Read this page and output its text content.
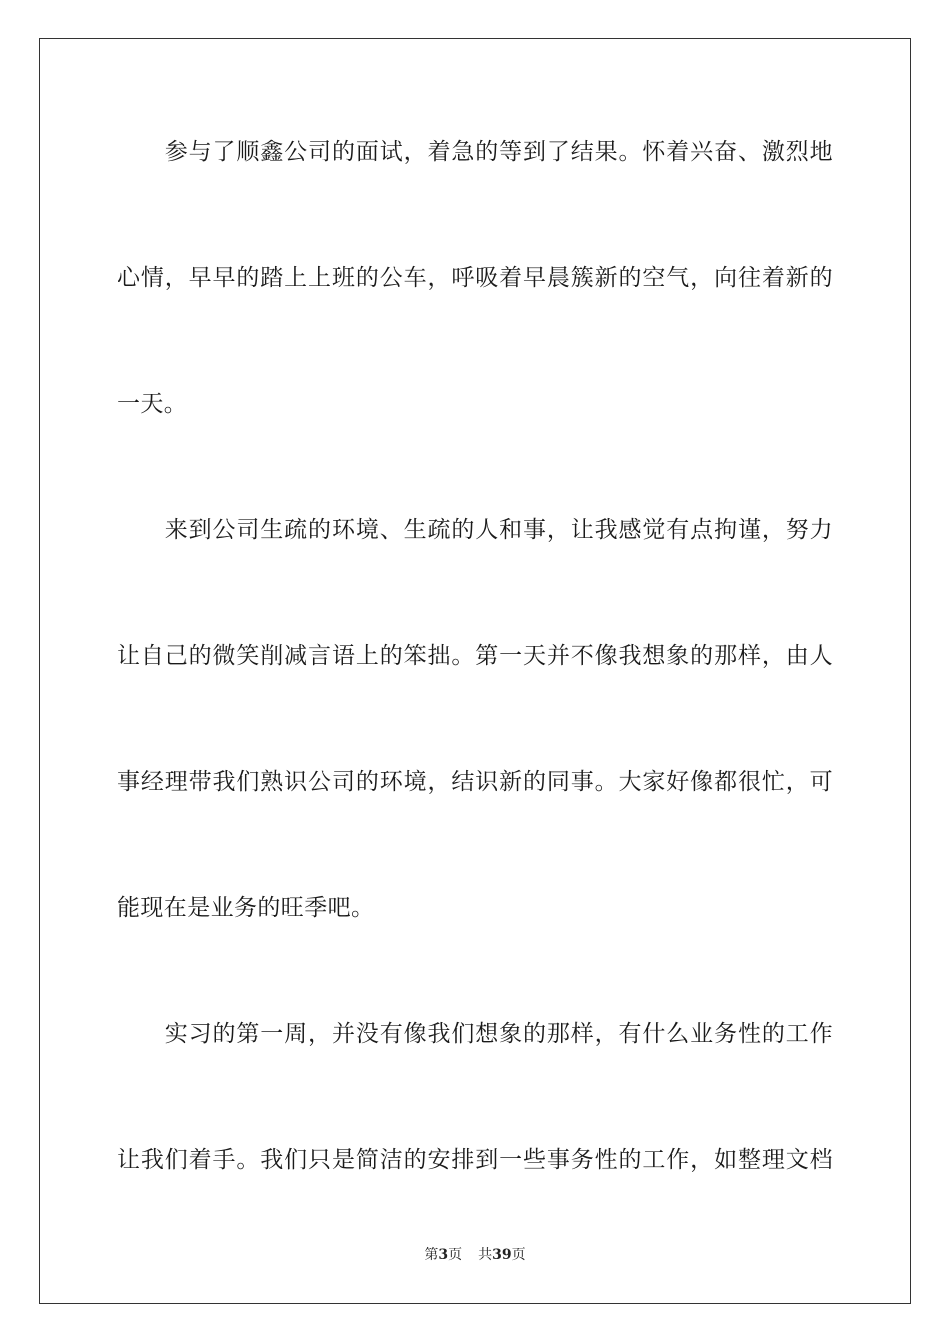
　　参与了顺鑫公司的面试，着急的等到了结果。怀着兴奋、激烈地
心情，早早的踏上上班的公车，呼吸着早晨簇新的空气，向往着新的
一天。
　　来到公司生疏的环境、生疏的人和事，让我感觉有点拘谨，努力
让自己的微笑削减言语上的笨拙。第一天并不像我想象的那样，由人
事经理带我们熟识公司的环境，结识新的同事。大家好像都很忙，可
能现在是业务的旺季吧。
　　实习的第一周，并没有像我们想象的那样，有什么业务性的工作
让我们着手。我们只是简洁的安排到一些事务性的工作，如整理文档
第3页 共39页
